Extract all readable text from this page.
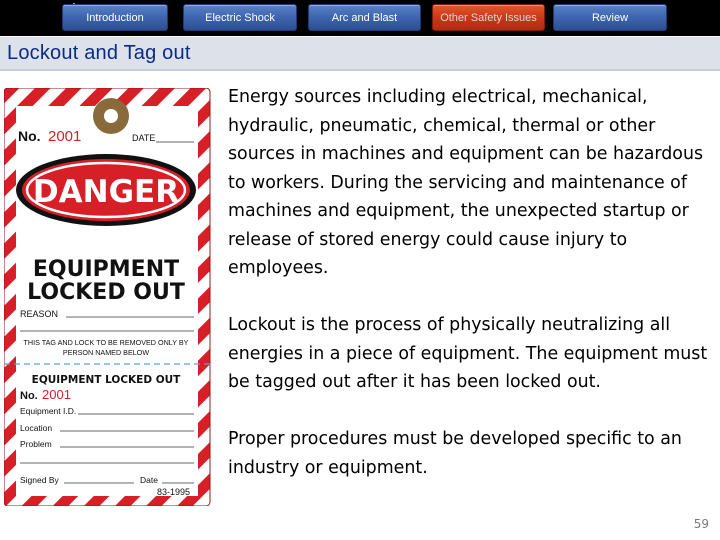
Introduction	Electric Shock	Arc and Blast	Other Safety Issues	Review
Lockout and Tag out
No. 2001	DATE
DANGER
EQUIPMENT
LOCKED OUT
REASON
THIS TAG AND LOCK TO BE REMOVED ONLY BY
PERSON NAMED BELOW
EQUIPMENT LOCKED OUT
No. 2001
Equipment I.D.
Location
Problem
Signed By	Date
83-1995

Energy sources including electrical, mechanical, hydraulic, pneumatic, chemical, thermal or other sources in machines and equipment can be hazardous to workers. During the servicing and maintenance of machines and equipment, the unexpected startup or release of stored energy could cause injury to employees.

Lockout is the process of physically neutralizing all energies in a piece of equipment. The equipment must be tagged out after it has been locked out.

Proper procedures must be developed specific to an industry or equipment.

59
